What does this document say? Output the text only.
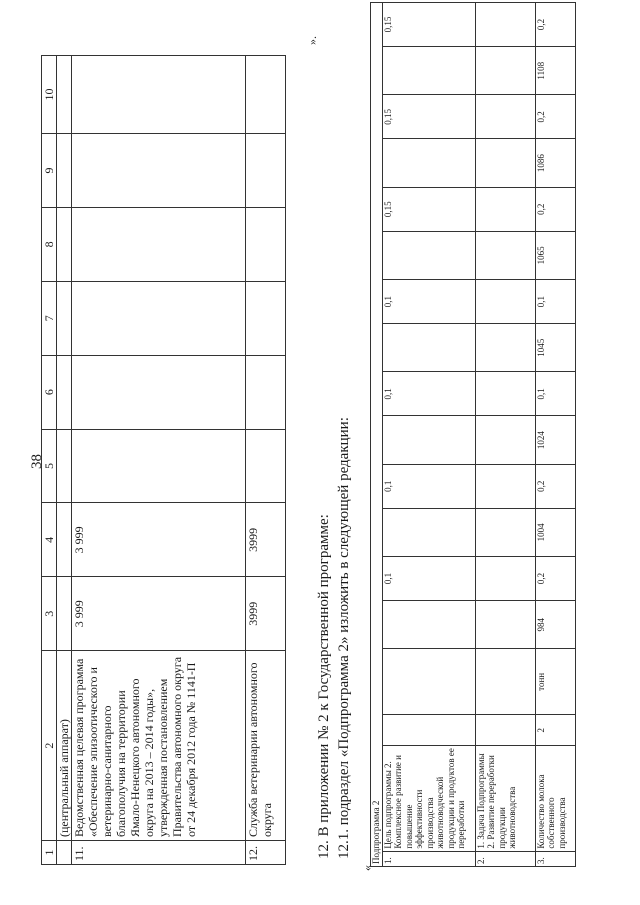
38
1	2	3	4	5	6	7	8	9	10
	(центральный аппарат)								
11.	Ведомственная целевая программа «Обеспечение эпизоотического и ветеринарно-санитарного благополучия на территории Ямало-Ненецкого автономного округа на 2013 – 2014 годы», утвержденная постановлением Правительства автономного округа от 24 декабря 2012 года № 1141-П	3 999	3 999						
12.	Служба ветеринарии автономного округа	3999	3999						
».
12. В приложении № 2 к Государственной программе: 12.1. подраздел «Подпрограмма 2» изложить в следующей редакции:
«
Подпрограмма 2																	
1.	Цель подпрограммы 2. Комплексное развитие и повышение эффективности производства животноводческой продукции и продуктов ее переработки				0,1		0,1		0,1		0,1		0,15		0,15		0,15
2.	1. Задача Подпрограммы 2. Развитие переработки продукции животноводства																
3.	Количество молока собственного производства	2	тонн	984	0,2	1004	0,2	1024	0,1	1045	0,1	1065	0,2	1086	0,2	1108	0,2
